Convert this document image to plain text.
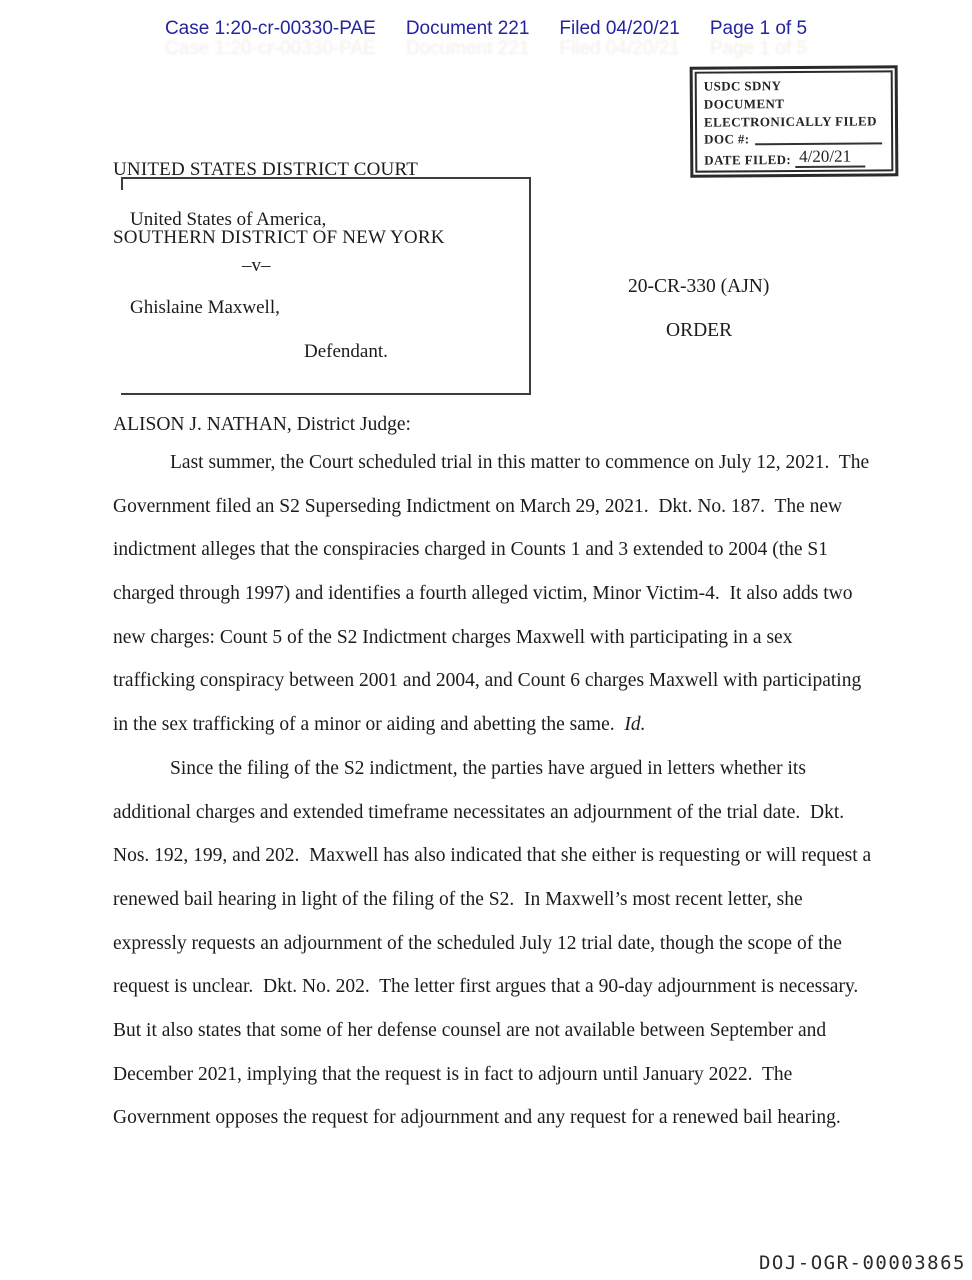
Case 1:20-cr-00330-PAE Document 221 Filed 04/20/21 Page 1 of 5
Case 1:20-cr-00330-PAE Document 221 Filed 04/20/21 Page 1 of 5
USDC SDNY
DOCUMENT
ELECTRONICALLY FILED
DOC #:
DATE FILED: 4/20/21

UNITED STATES DISTRICT COURT

SOUTHERN DISTRICT OF NEW YORK

United States of America,
–v–
Ghislaine Maxwell,
Defendant.
20-CR-330 (AJN)
ORDER
ALISON J. NATHAN, District Judge:
Last summer, the Court scheduled trial in this matter to commence on July 12, 2021.  The
Government filed an S2 Superseding Indictment on March 29, 2021.  Dkt. No. 187.  The new
indictment alleges that the conspiracies charged in Counts 1 and 3 extended to 2004 (the S1
charged through 1997) and identifies a fourth alleged victim, Minor Victim-4.  It also adds two
new charges: Count 5 of the S2 Indictment charges Maxwell with participating in a sex
trafficking conspiracy between 2001 and 2004, and Count 6 charges Maxwell with participating
in the sex trafficking of a minor or aiding and abetting the same.  Id.
Since the filing of the S2 indictment, the parties have argued in letters whether its
additional charges and extended timeframe necessitates an adjournment of the trial date.  Dkt.
Nos. 192, 199, and 202.  Maxwell has also indicated that she either is requesting or will request a
renewed bail hearing in light of the filing of the S2.  In Maxwell’s most recent letter, she
expressly requests an adjournment of the scheduled July 12 trial date, though the scope of the
request is unclear.  Dkt. No. 202.  The letter first argues that a 90-day adjournment is necessary.
But it also states that some of her defense counsel are not available between September and
December 2021, implying that the request is in fact to adjourn until January 2022.  The
Government opposes the request for adjournment and any request for a renewed bail hearing.
DOJ-OGR-00003865
